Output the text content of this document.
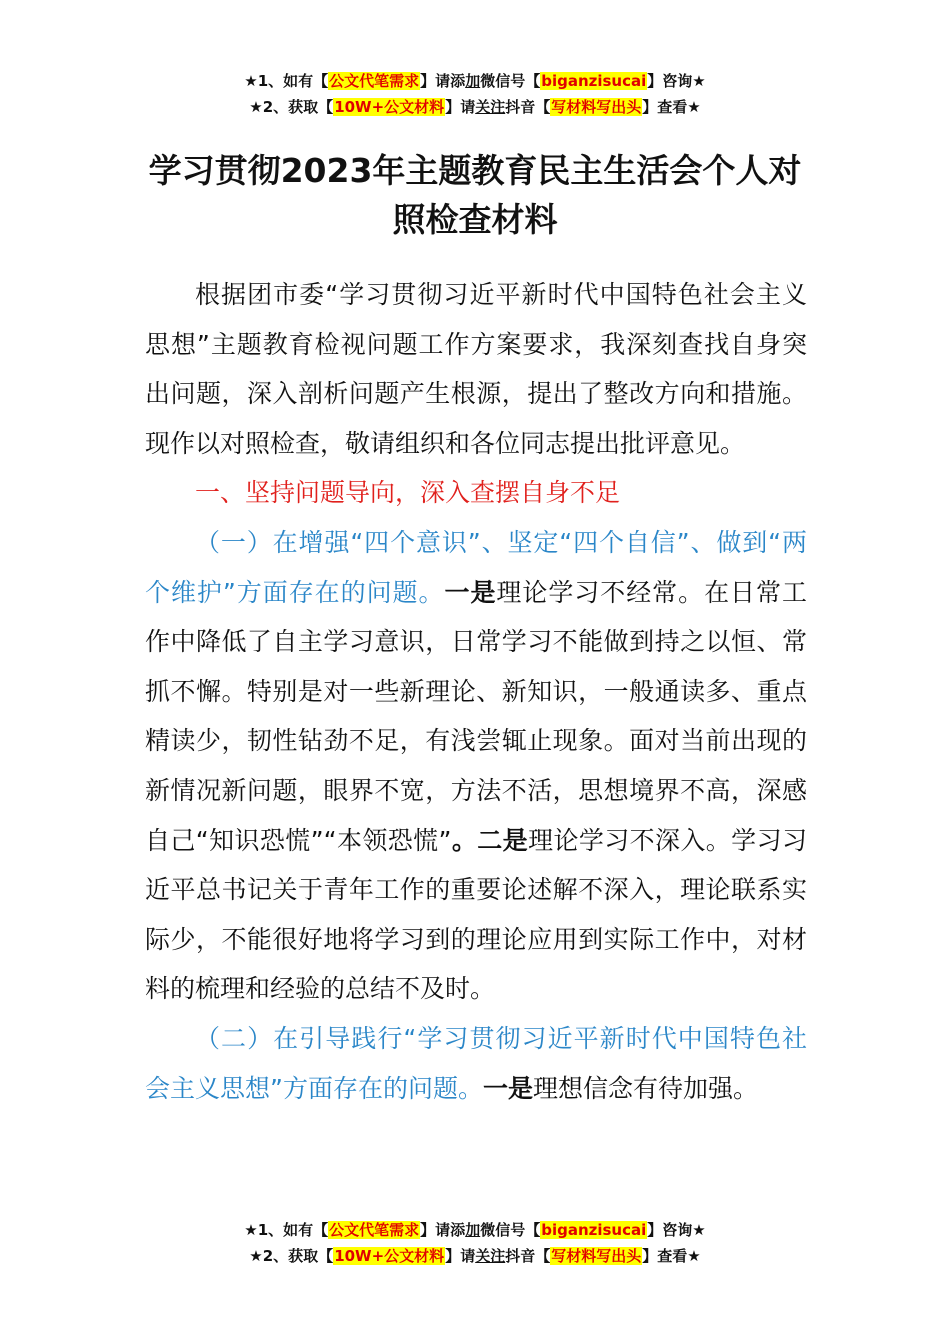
★1、如有【公文代笔需求】请添加微信号【biganzisucai】咨询★
★2、获取【10W+公文材料】请关注抖音【写材料写出头】查看★
学习贯彻2023年主题教育民主生活会个人对照检查材料

根据团市委“学习贯彻习近平新时代中国特色社会主义思想”主题教育检视问题工作方案要求，我深刻查找自身突出问题，深入剖析问题产生根源，提出了整改方向和措施。现作以对照检查，敬请组织和各位同志提出批评意见。

一、坚持问题导向，深入查摆自身不足

（一）在增强“四个意识”、坚定“四个自信”、做到“两个维护”方面存在的问题。一是理论学习不经常。在日常工作中降低了自主学习意识，日常学习不能做到持之以恒、常抓不懈。特别是对一些新理论、新知识，一般通读多、重点精读少，韧性钻劲不足，有浅尝辄止现象。面对当前出现的新情况新问题，眼界不宽，方法不活，思想境界不高，深感自己“知识恐慌”“本领恐慌”。二是理论学习不深入。学习习近平总书记关于青年工作的重要论述解不深入，理论联系实际少，不能很好地将学习到的理论应用到实际工作中，对材料的梳理和经验的总结不及时。

（二）在引导践行“学习贯彻习近平新时代中国特色社会主义思想”方面存在的问题。一是理想信念有待加强。

★1、如有【公文代笔需求】请添加微信号【biganzisucai】咨询★
★2、获取【10W+公文材料】请关注抖音【写材料写出头】查看★
